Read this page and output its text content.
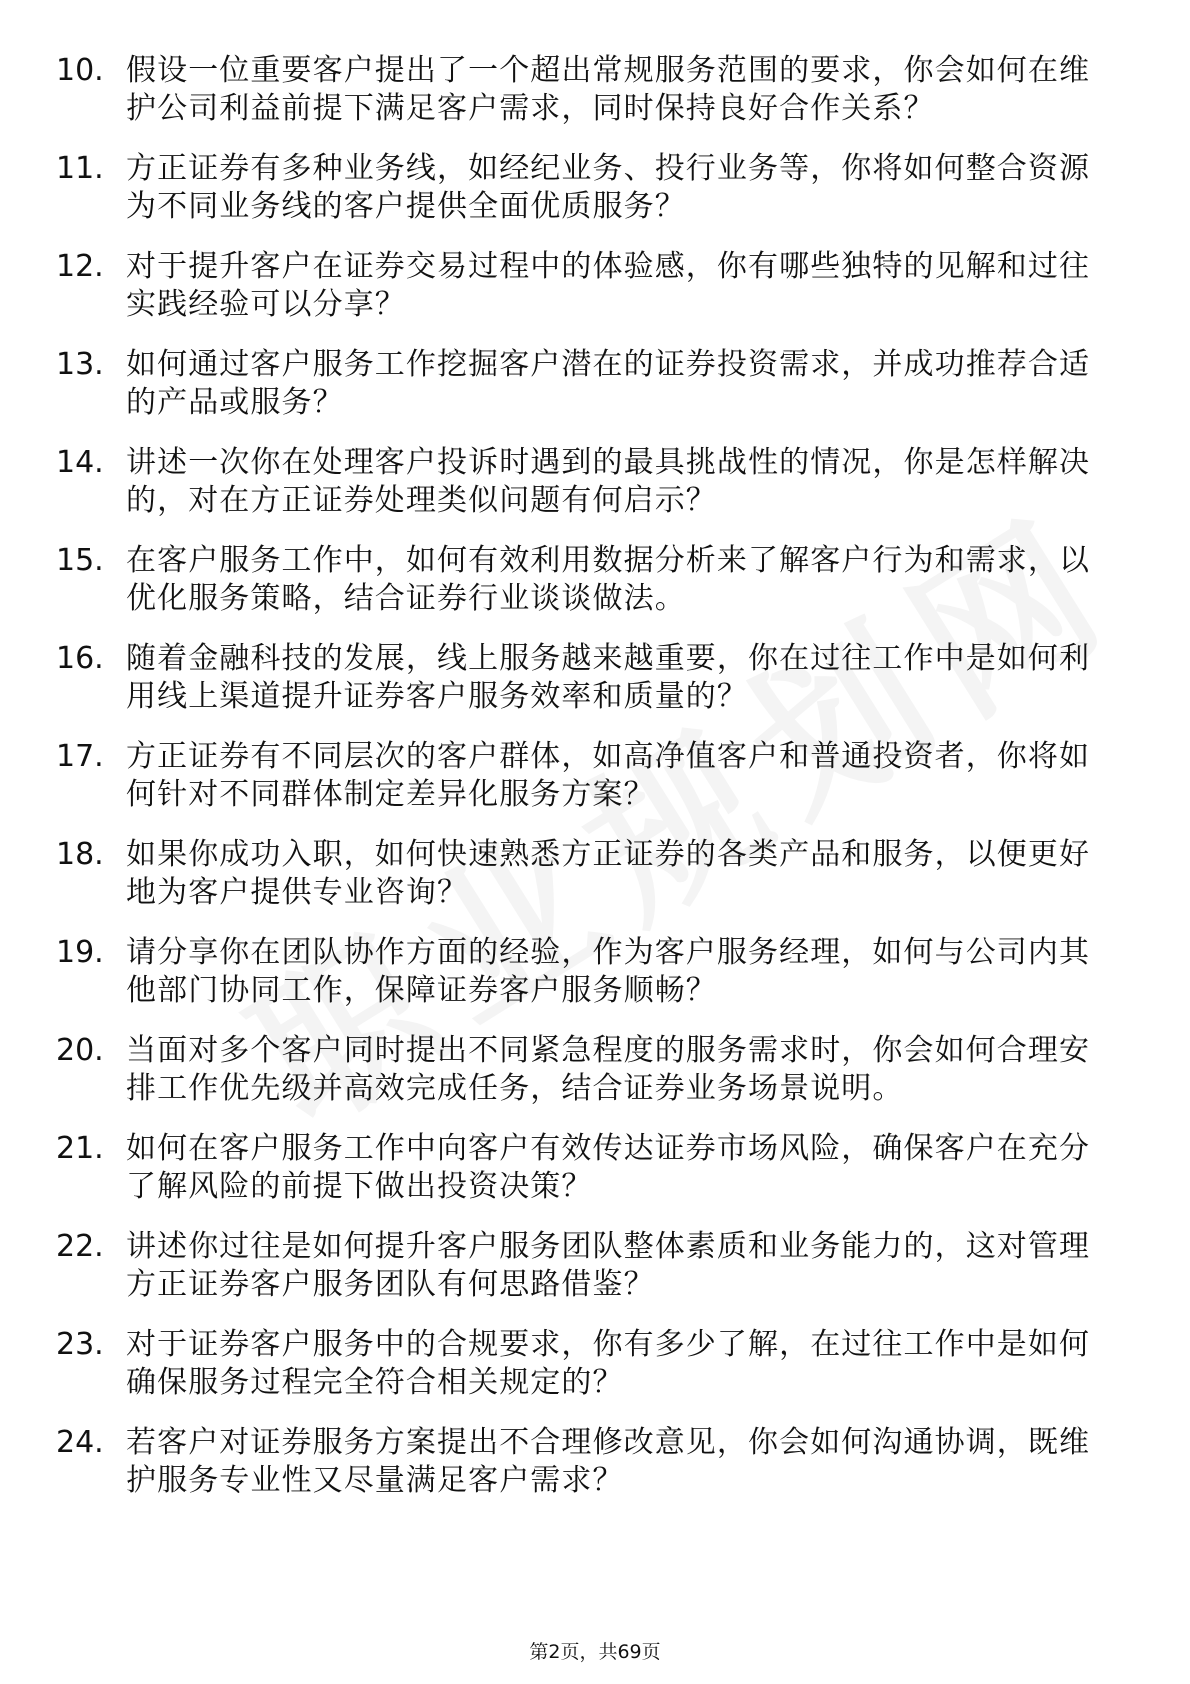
10. 假设一位重要客户提出了一个超出常规服务范围的要求，你会如何在维护公司利益前提下满足客户需求，同时保持良好合作关系？
11. 方正证券有多种业务线，如经纪业务、投行业务等，你将如何整合资源为不同业务线的客户提供全面优质服务？
12. 对于提升客户在证券交易过程中的体验感，你有哪些独特的见解和过往实践经验可以分享？
13. 如何通过客户服务工作挖掘客户潜在的证券投资需求，并成功推荐合适的产品或服务？
14. 讲述一次你在处理客户投诉时遇到的最具挑战性的情况，你是怎样解决的，对在方正证券处理类似问题有何启示？
15. 在客户服务工作中，如何有效利用数据分析来了解客户行为和需求，以优化服务策略，结合证券行业谈谈做法。
16. 随着金融科技的发展，线上服务越来越重要，你在过往工作中是如何利用线上渠道提升证券客户服务效率和质量的？
17. 方正证券有不同层次的客户群体，如高净值客户和普通投资者，你将如何针对不同群体制定差异化服务方案？
18. 如果你成功入职，如何快速熟悉方正证券的各类产品和服务，以便更好地为客户提供专业咨询？
19. 请分享你在团队协作方面的经验，作为客户服务经理，如何与公司内其他部门协同工作，保障证券客户服务顺畅？
20. 当面对多个客户同时提出不同紧急程度的服务需求时，你会如何合理安排工作优先级并高效完成任务，结合证券业务场景说明。
21. 如何在客户服务工作中向客户有效传达证券市场风险，确保客户在充分了解风险的前提下做出投资决策？
22. 讲述你过往是如何提升客户服务团队整体素质和业务能力的，这对管理方正证券客户服务团队有何思路借鉴？
23. 对于证券客户服务中的合规要求，你有多少了解，在过往工作中是如何确保服务过程完全符合相关规定的？
24. 若客户对证券服务方案提出不合理修改意见，你会如何沟通协调，既维护服务专业性又尽量满足客户需求？
第2页，共69页
